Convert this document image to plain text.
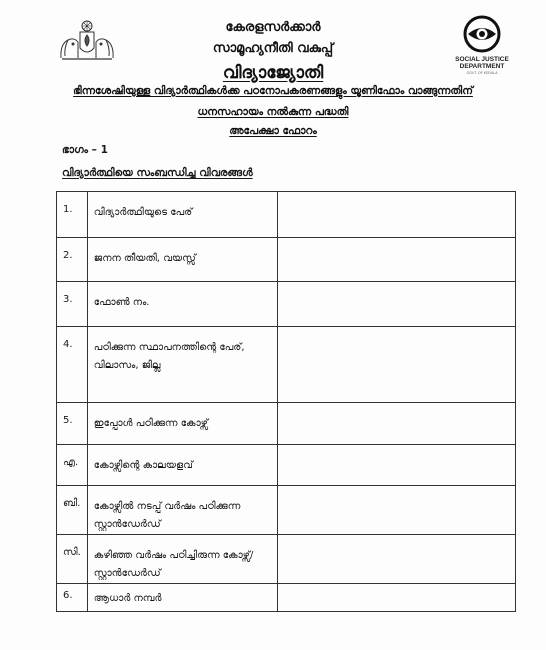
SOCIAL JUSTICE
DEPARTMENT
GOVT. OF KERALA
കേരളസർക്കാർ
സാമൂഹ്യനീതി വകുപ്പ്
വിദ്യാജ്യോതി
ഭിന്നശേഷിയുള്ള വിദ്യാർത്ഥികൾക്ക പഠനോപകരണങ്ങളും യൂണിഫോം വാങ്ങുന്നതിന്
ധനസഹായം നൽകുന്ന പദ്ധതി
അപേക്ഷാ ഫോറം
ഭാഗം – 1
വിദ്യാർത്ഥിയെ സംബന്ധിച്ച വിവരങ്ങൾ
1.	വിദ്യാർത്ഥിയുടെ പേര്	
2.	ജനന തീയതി, വയസ്സ്	
3.	ഫോൺ നം.	
4.	പഠിക്കുന്ന സ്ഥാപനത്തിന്റെ പേര്, വിലാസം, ജില്ല	
5.	ഇപ്പോൾ പഠിക്കുന്ന കോഴ്സ്	
എ.	കോഴ്സിന്റെ കാലയളവ്	
ബി.	കോഴ്സിൽ നടപ്പ് വർഷം പഠിക്കുന്ന സ്റ്റാൻഡേർഡ്	
സി.	കഴിഞ്ഞ വർഷം പഠിച്ചിരുന്ന കോഴ്സ്/ സ്റ്റാൻഡേർഡ്	
6.	ആധാർ നമ്പർ	
